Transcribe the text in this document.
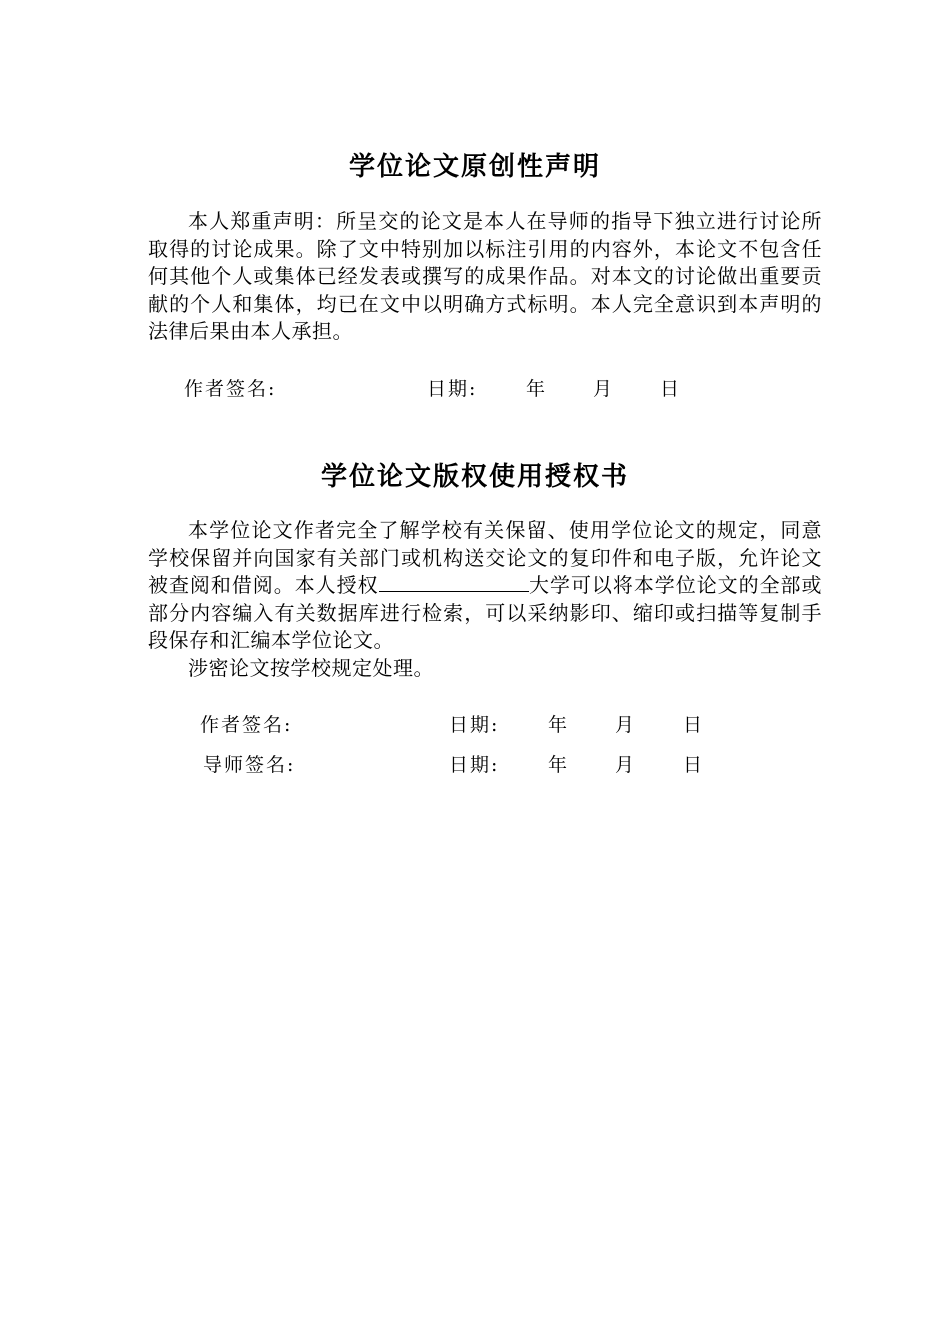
学位论文原创性声明

本人郑重声明：所呈交的论文是本人在导师的指导下独立进行讨论所取得的讨论成果。除了文中特别加以标注引用的内容外，本论文不包含任何其他个人或集体已经发表或撰写的成果作品。对本文的讨论做出重要贡献的个人和集体，均已在文中以明确方式标明。本人完全意识到本声明的法律后果由本人承担。

作者签名:	日期:	年 月 日
学位论文版权使用授权书

本学位论文作者完全了解学校有关保留、使用学位论文的规定，同意学校保留并向国家有关部门或机构送交论文的复印件和电子版，允许论文被查阅和借阅。本人授权	大学可以将本学位论文的全部或部分内容编入有关数据库进行检索，可以采纳影印、缩印或扫描等复制手段保存和汇编本学位论文。

涉密论文按学校规定处理。

作者签名:	日期:	年 月 日
导师签名:	日期:	年 月 日
